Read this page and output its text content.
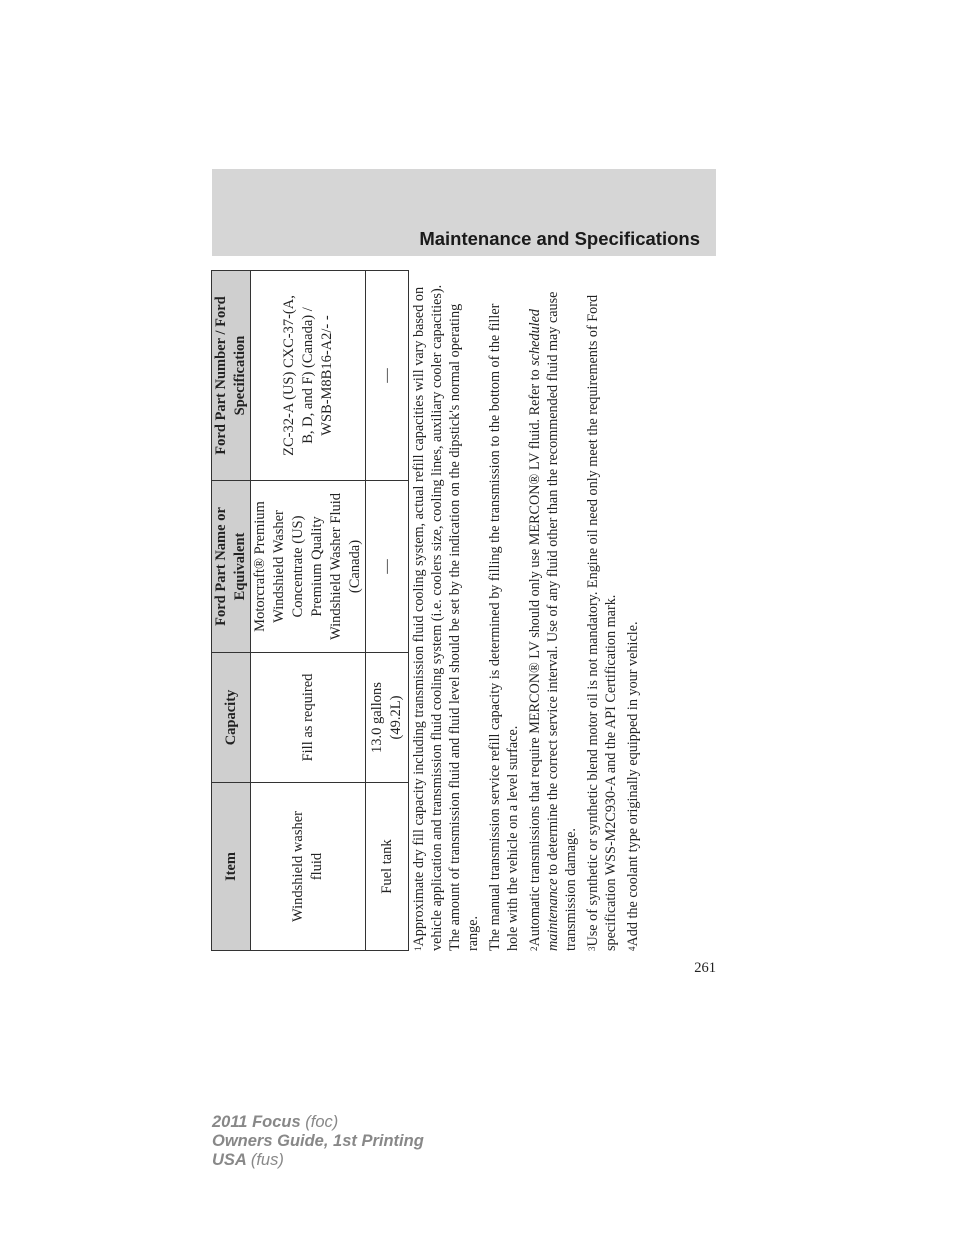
Maintenance and Specifications
Item	Capacity	Ford Part Name or Equivalent	Ford Part Number / Ford Specification
Windshield washer fluid	Fill as required	Motorcraft® Premium Windshield Washer Concentrate (US) Premium Quality Windshield Washer Fluid (Canada)	ZC-32-A (US) CXC-37-(A, B, D, and F) (Canada) / WSB-M8B16-A2/- -
Fuel tank	13.0 gallons (49.2L)	—	—

$^1$Approximate dry fill capacity including transmission fluid cooling system, actual refill capacities will vary based on vehicle application and transmission fluid cooling system (i.e. coolers size, cooling lines, auxiliary cooler capacities). The amount of transmission fluid and fluid level should be set by the indication on the dipstick's normal operating range. The manual transmission service refill capacity is determined by filling the transmission to the bottom of the filler hole with the vehicle on a level surface. $^2$Automatic transmissions that require MERCON® LV should only use MERCON® LV fluid. Refer to scheduled maintenance to determine the correct service interval. Use of any fluid other than the recommended fluid may cause transmission damage. $^3$Use of synthetic or synthetic blend motor oil is not mandatory. Engine oil need only meet the requirements of Ford specification WSS-M2C930-A and the API Certification mark. $^4$Add the coolant type originally equipped in your vehicle.

261
2011 Focus (foc)
Owners Guide, 1st Printing
USA (fus)
